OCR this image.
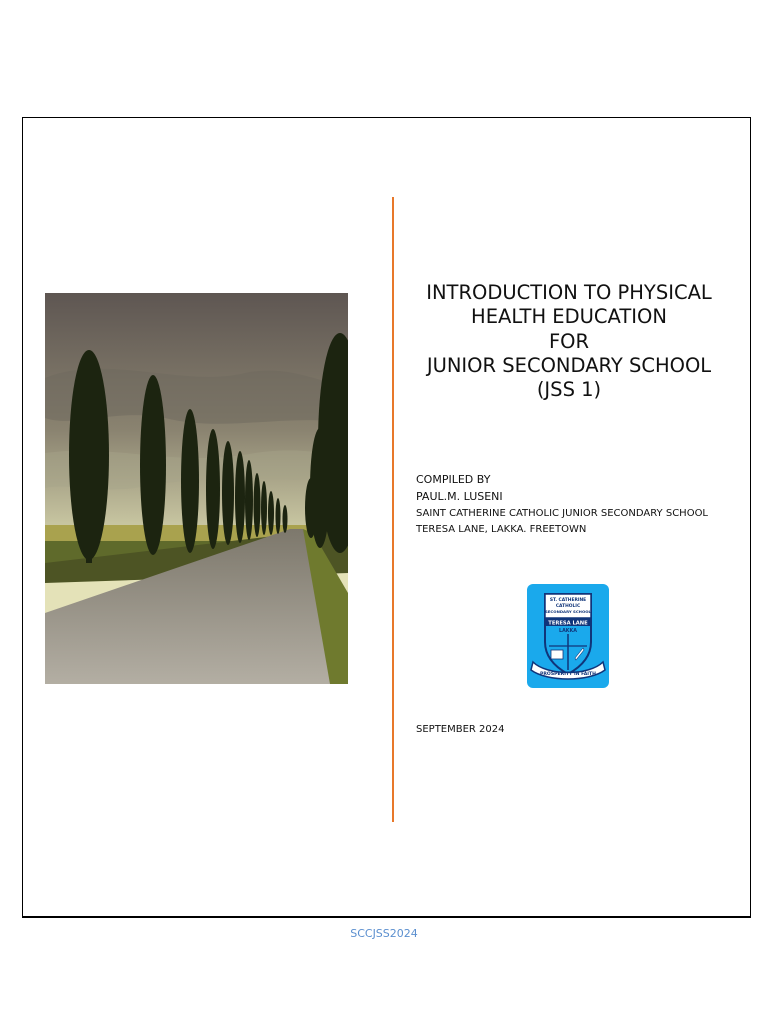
INTRODUCTION TO PHYSICAL
HEALTH EDUCATION
FOR
JUNIOR SECONDARY SCHOOL
(JSS 1)
COMPILED BY
PAUL.M. LUSENI
SAINT CATHERINE CATHOLIC JUNIOR SECONDARY SCHOOL
TERESA LANE, LAKKA. FREETOWN
ST. CATHERINE
CATHOLIC
SECONDARY SCHOOL
TERESA LANE
LAKKA
PROSPERITY IN FAITH
SEPTEMBER 2024
SCCJSS2024
